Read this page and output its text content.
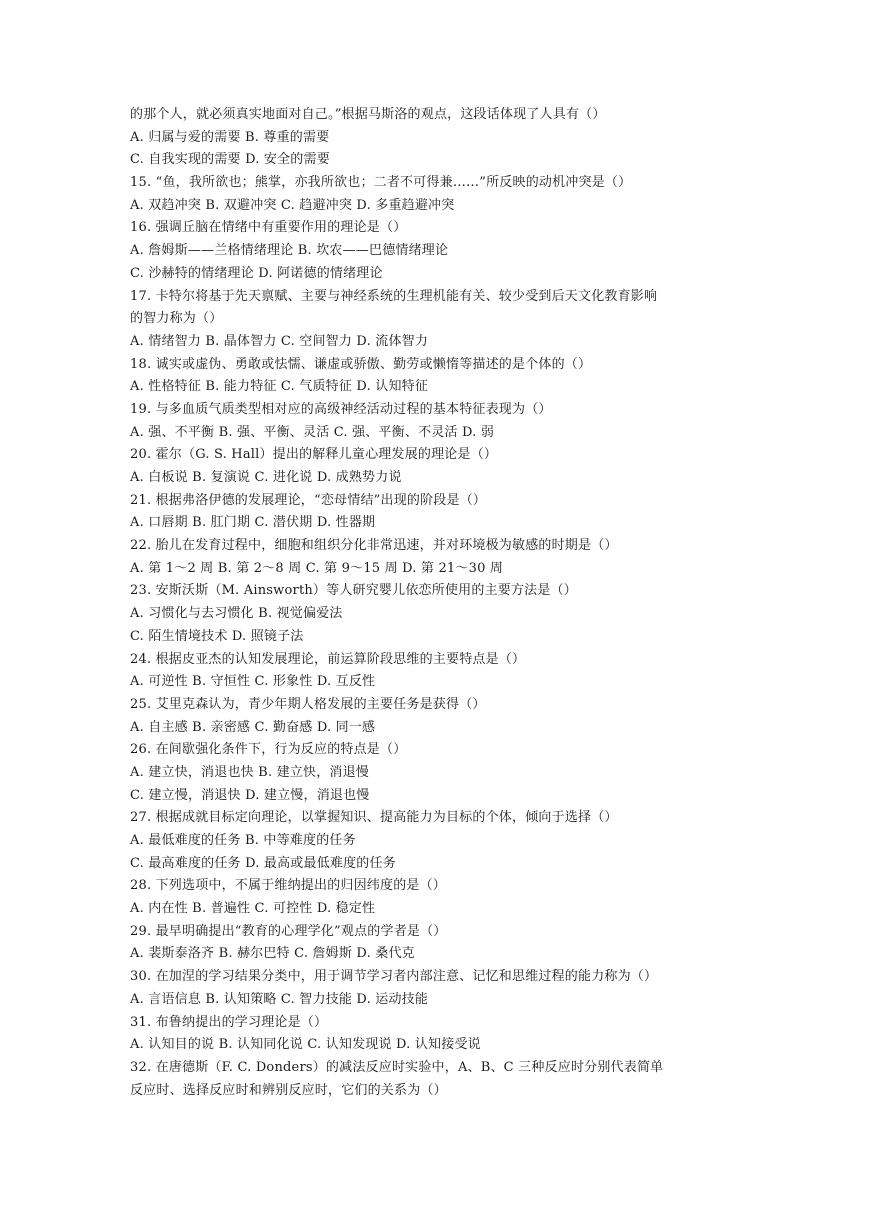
的那个人，就必须真实地面对自己。”根据马斯洛的观点，这段话体现了人具有（）
A. 归属与爱的需要 B. 尊重的需要
C. 自我实现的需要 D. 安全的需要
15. “鱼，我所欲也；熊掌，亦我所欲也；二者不可得兼……”所反映的动机冲突是（）
A. 双趋冲突 B. 双避冲突 C. 趋避冲突 D. 多重趋避冲突
16. 强调丘脑在情绪中有重要作用的理论是（）
A. 詹姆斯——兰格情绪理论 B. 坎农——巴德情绪理论
C. 沙赫特的情绪理论 D. 阿诺德的情绪理论
17. 卡特尔将基于先天禀赋、主要与神经系统的生理机能有关、较少受到后天文化教育影响
的智力称为（）
A. 情绪智力 B. 晶体智力 C. 空间智力 D. 流体智力
18. 诚实或虚伪、勇敢或怯懦、谦虚或骄傲、勤劳或懒惰等描述的是个体的（）
A. 性格特征 B. 能力特征 C. 气质特征 D. 认知特征
19. 与多血质气质类型相对应的高级神经活动过程的基本特征表现为（）
A. 强、不平衡 B. 强、平衡、灵活 C. 强、平衡、不灵活 D. 弱
20. 霍尔（G. S. Hall）提出的解释儿童心理发展的理论是（）
A. 白板说 B. 复演说 C. 进化说 D. 成熟势力说
21. 根据弗洛伊德的发展理论，“恋母情结”出现的阶段是（）
A. 口唇期 B. 肛门期 C. 潜伏期 D. 性器期
22. 胎儿在发育过程中，细胞和组织分化非常迅速，并对环境极为敏感的时期是（）
A. 第 1～2 周 B. 第 2～8 周 C. 第 9～15 周 D. 第 21～30 周
23. 安斯沃斯（M. Ainsworth）等人研究婴儿依恋所使用的主要方法是（）
A. 习惯化与去习惯化 B. 视觉偏爱法
C. 陌生情境技术 D. 照镜子法
24. 根据皮亚杰的认知发展理论，前运算阶段思维的主要特点是（）
A. 可逆性 B. 守恒性 C. 形象性 D. 互反性
25. 艾里克森认为，青少年期人格发展的主要任务是获得（）
A. 自主感 B. 亲密感 C. 勤奋感 D. 同一感
26. 在间歇强化条件下，行为反应的特点是（）
A. 建立快，消退也快 B. 建立快，消退慢
C. 建立慢，消退快 D. 建立慢，消退也慢
27. 根据成就目标定向理论，以掌握知识、提高能力为目标的个体，倾向于选择（）
A. 最低难度的任务 B. 中等难度的任务
C. 最高难度的任务 D. 最高或最低难度的任务
28. 下列选项中，不属于维纳提出的归因纬度的是（）
A. 内在性 B. 普遍性 C. 可控性 D. 稳定性
29. 最早明确提出“教育的心理学化”观点的学者是（）
A. 裴斯泰洛齐 B. 赫尔巴特 C. 詹姆斯 D. 桑代克
30. 在加涅的学习结果分类中，用于调节学习者内部注意、记忆和思维过程的能力称为（）
A. 言语信息 B. 认知策略 C. 智力技能 D. 运动技能
31. 布鲁纳提出的学习理论是（）
A. 认知目的说 B. 认知同化说 C. 认知发现说 D. 认知接受说
32. 在唐德斯（F. C. Donders）的减法反应时实验中，A、B、C 三种反应时分别代表简单
反应时、选择反应时和辨别反应时，它们的关系为（）
